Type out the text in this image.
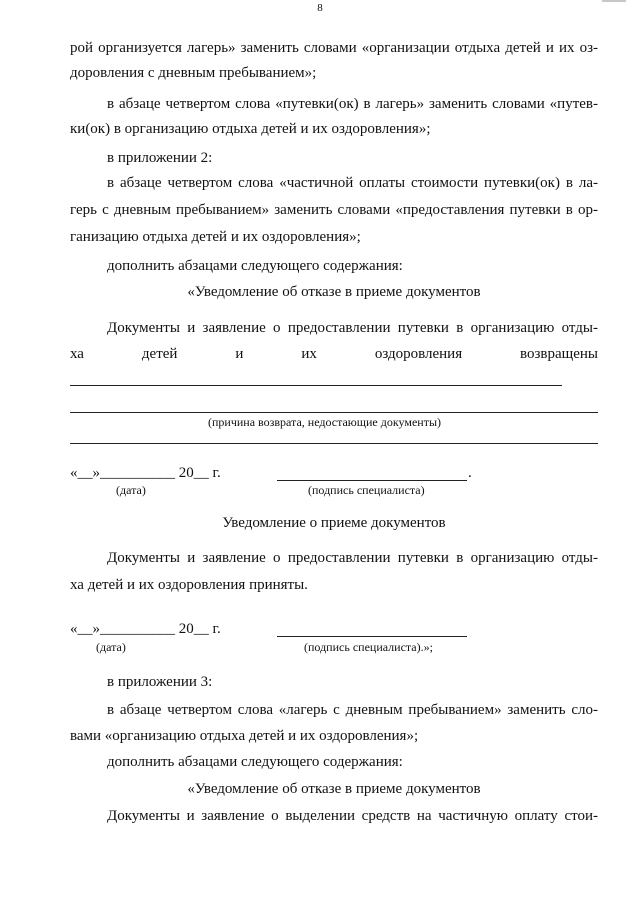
8
рой организуется лагерь» заменить словами «организации отдыха детей и их оз-
доровления с дневным пребыванием»;
в абзаце четвертом слова «путевки(ок) в лагерь» заменить словами «путев-
ки(ок) в организацию отдыха детей и их оздоровления»;
в приложении 2:
в абзаце четвертом слова «частичной оплаты стоимости путевки(ок) в ла-
герь с дневным пребыванием» заменить словами «предоставления путевки в ор-
ганизацию отдыха детей и их оздоровления»;
дополнить абзацами следующего содержания:
«Уведомление об отказе в приеме документов
Документы и заявление о предоставлении путевки в организацию отды-
ха детей и их оздоровления возвращены
(причина возврата, недостающие документы)
«__»__________ 20__ г.	.
(дата)	(подпись специалиста)
Уведомление о приеме документов
Документы и заявление о предоставлении путевки в организацию отды-
ха детей и их оздоровления приняты.
«__»__________ 20__ г.
(дата)	(подпись специалиста).»;
в приложении 3:
в абзаце четвертом слова «лагерь с дневным пребыванием» заменить сло-
вами «организацию отдыха детей и их оздоровления»;
дополнить абзацами следующего содержания:
«Уведомление об отказе в приеме документов
Документы и заявление о выделении средств на частичную оплату стои-
